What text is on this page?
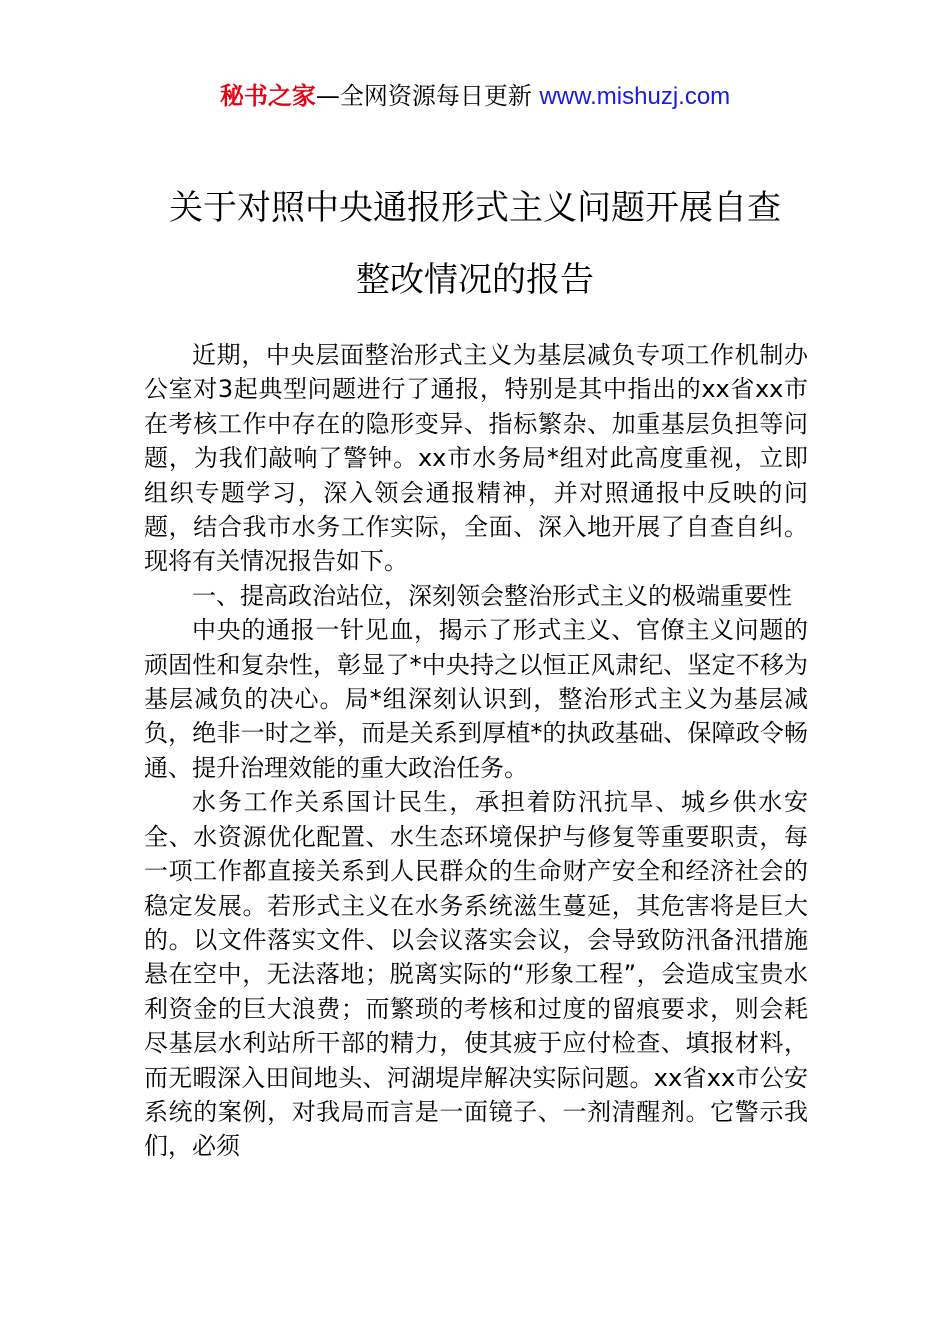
秘书之家—全网资源每日更新 www.mishuzj.com
关于对照中央通报形式主义问题开展自查
整改情况的报告

近期，中央层面整治形式主义为基层减负专项工作机制办公室对3起典型问题进行了通报，特别是其中指出的xx省xx市在考核工作中存在的隐形变异、指标繁杂、加重基层负担等问题，为我们敲响了警钟。xx市水务局*组对此高度重视，立即组织专题学习，深入领会通报精神，并对照通报中反映的问题，结合我市水务工作实际，全面、深入地开展了自查自纠。现将有关情况报告如下。

一、提高政治站位，深刻领会整治形式主义的极端重要性

中央的通报一针见血，揭示了形式主义、官僚主义问题的顽固性和复杂性，彰显了*中央持之以恒正风肃纪、坚定不移为基层减负的决心。局*组深刻认识到，整治形式主义为基层减负，绝非一时之举，而是关系到厚植*的执政基础、保障政令畅通、提升治理效能的重大政治任务。

水务工作关系国计民生，承担着防汛抗旱、城乡供水安全、水资源优化配置、水生态环境保护与修复等重要职责，每一项工作都直接关系到人民群众的生命财产安全和经济社会的稳定发展。若形式主义在水务系统滋生蔓延，其危害将是巨大的。以文件落实文件、以会议落实会议，会导致防汛备汛措施悬在空中，无法落地；脱离实际的“形象工程”，会造成宝贵水利资金的巨大浪费；而繁琐的考核和过度的留痕要求，则会耗尽基层水利站所干部的精力，使其疲于应付检查、填报材料，而无暇深入田间地头、河湖堤岸解决实际问题。xx省xx市公安系统的案例，对我局而言是一面镜子、一剂清醒剂。它警示我们，必须
